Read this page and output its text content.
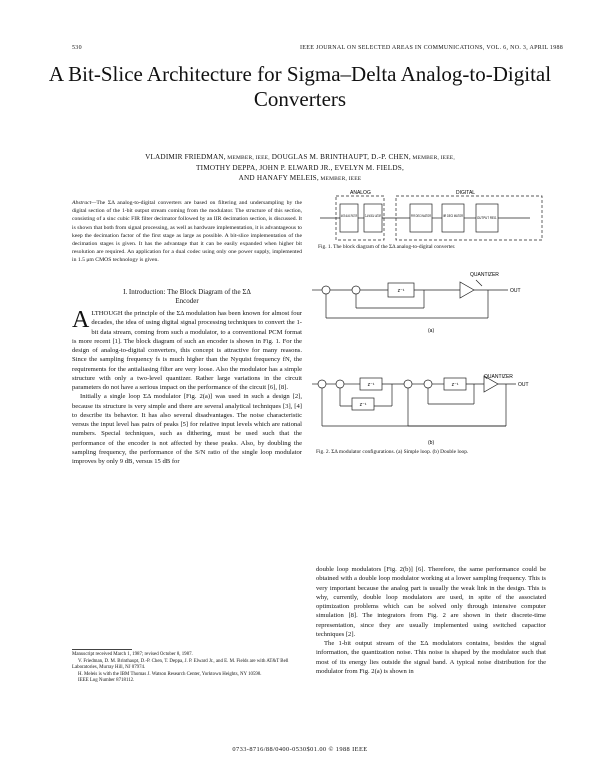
530	IEEE JOURNAL ON SELECTED AREAS IN COMMUNICATIONS, VOL. 6, NO. 3, APRIL 1988
A Bit-Slice Architecture for Sigma–Delta Analog-to-Digital Converters
VLADIMIR FRIEDMAN, MEMBER, IEEE, DOUGLAS M. BRINTHAUPT, D.-P. CHEN, MEMBER, IEEE,
TIMOTHY DEPPA, JOHN P. ELWARD JR., EVELYN M. FIELDS,
AND HANAFY MELEIS, MEMBER, IEEE
Abstract—The ΣΔ analog-to-digital converters are based on filtering and undersampling by the digital section of the 1-bit output stream coming from the modulator. The structure of this section, consisting of a sinc cubic FIR filter decimator followed by an IIR decimation section, is discussed. It is shown that both from signal processing, as well as hardware implementation, it is advantageous to keep the decimation factor of the first stage as large as possible. A bit-slice implementation of the decimation stages is given. It has the advantage that it can be easily expanded when higher bit resolution are required. An application for a dual codec using only one power supply, implemented in 1.5 μm CMOS technology is given.
I. Introduction: The Block Diagram of the ΣΔ
Encoder

ALTHOUGH the principle of the ΣΔ modulation has been known for almost four decades, the idea of using digital signal processing techniques to convert the 1-bit data stream, coming from such a modulator, to a conventional PCM format is more recent [1]. The block diagram of such an encoder is shown in Fig. 1. For the design of analog-to-digital converters, this concept is attractive for many reasons. Since the sampling frequency fs is much higher than the Nyquist frequency fN, the requirements for the antialiasing filter are very loose. Also the modulator has a simple structure with only a two-level quantizer. Rather large variations in the circuit parameters do not have a serious impact on the performance of the circuit [6], [8].

Initially a single loop ΣΔ modulator [Fig. 2(a)] was used in such a design [2], because its structure is very simple and there are several analytical techniques [3], [4] to describe its behavior. It has also several disadvantages. The noise characteristic versus the input level has pairs of peaks [5] for relative input levels which are rational numbers. Special techniques, such as dithering, must be used such that the performance of the encoder is not affected by these peaks. Also, by doubling the sampling frequency, the performance of the S/N ratio of the single loop modulator improves by only 9 dB, versus 15 dB for

Manuscript received March 1, 1987; revised October 8, 1987.
V. Friedman, D. M. Brinthaupt, D.-P. Chen, T. Deppa, J. P. Elward Jr., and E. M. Fields are with AT&T Bell Laboratories, Murray Hill, NJ 07974.
H. Meleis is with the IBM Thomas J. Watson Research Center, Yorktown Heights, NY 10598.
IEEE Log Number 8718112.
ANALOG	DIGITAL
ANTI ALIAS FILTER Σ-Δ MODU LATOR	FIR DECI MATOR	IIR DECI MATOR	OUTPUT REG.
Fig. 1. The block diagram of the ΣΔ analog-to-digital converter.
QUANTIZER
z⁻¹	OUT
(a)
QUANTIZER
z⁻¹	z⁻¹
z⁻¹
OUT
(b)
Fig. 2. ΣΔ modulator configurations. (a) Simple loop. (b) Double loop.

double loop modulators [Fig. 2(b)] [6]. Therefore, the same performance could be obtained with a double loop modulator working at a lower sampling frequency. This is very important because the analog part is usually the weak link in the design. This is why, currently, double loop modulators are used, in spite of the associated optimization problems which can be solved only through intensive computer simulation [8]. The integrators from Fig. 2 are shown in their discrete-time representation, since they are usually implemented using switched capacitor techniques [2].

The 1-bit output stream of the ΣΔ modulators contains, besides the signal information, the quantization noise. This noise is shaped by the modulator such that most of its energy lies outside the signal band. A typical noise distribution for the modulator from Fig. 2(a) is shown in

0733-8716/88/0400-0530$01.00 © 1988 IEEE
